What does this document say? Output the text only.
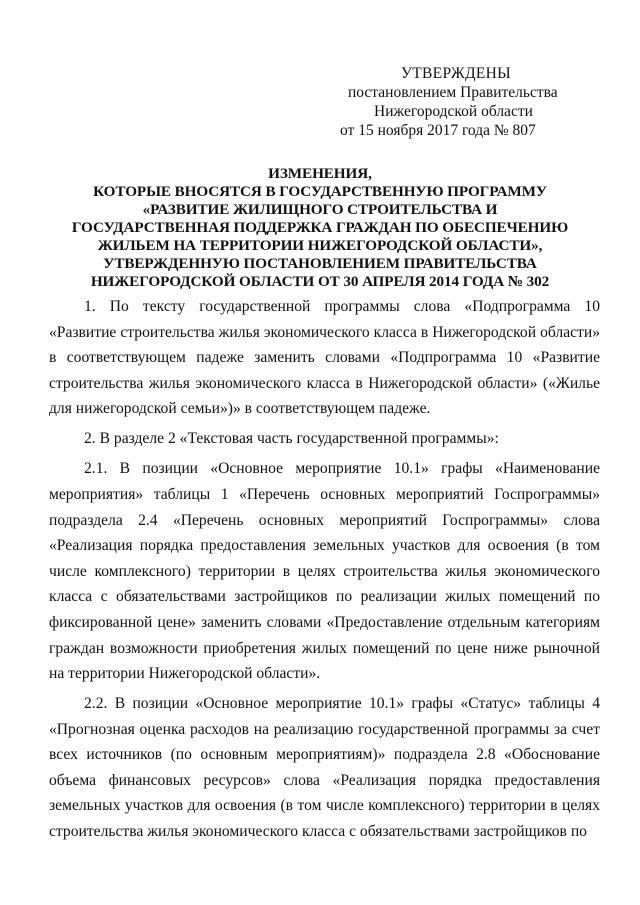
УТВЕРЖДЕНЫ
постановлением Правительства
Нижегородской области
от 15 ноября 2017 года № 807
ИЗМЕНЕНИЯ,
КОТОРЫЕ ВНОСЯТСЯ В ГОСУДАРСТВЕННУЮ ПРОГРАММУ
«РАЗВИТИЕ ЖИЛИЩНОГО СТРОИТЕЛЬСТВА И
ГОСУДАРСТВЕННАЯ ПОДДЕРЖКА ГРАЖДАН ПО ОБЕСПЕЧЕНИЮ
ЖИЛЬЕМ НА ТЕРРИТОРИИ НИЖЕГОРОДСКОЙ ОБЛАСТИ»,
УТВЕРЖДЕННУЮ ПОСТАНОВЛЕНИЕМ ПРАВИТЕЛЬСТВА
НИЖЕГОРОДСКОЙ ОБЛАСТИ ОТ 30 АПРЕЛЯ 2014 ГОДА № 302

1. По тексту государственной программы слова «Подпрограмма 10 «Развитие строительства жилья экономического класса в Нижегородской области» в соответствующем падеже заменить словами «Подпрограмма 10 «Развитие строительства жилья экономического класса в Нижегородской области» («Жилье для нижегородской семьи»)» в соответствующем падеже.

2. В разделе 2 «Текстовая часть государственной программы»:

2.1. В позиции «Основное мероприятие 10.1» графы «Наименование мероприятия» таблицы 1 «Перечень основных мероприятий Госпрограммы» подраздела 2.4 «Перечень основных мероприятий Госпрограммы» слова «Реализация порядка предоставления земельных участков для освоения (в том числе комплексного) территории в целях строительства жилья экономического класса с обязательствами застройщиков по реализации жилых помещений по фиксированной цене» заменить словами «Предоставление отдельным категориям граждан возможности приобретения жилых помещений по цене ниже рыночной на территории Нижегородской области».

2.2. В позиции «Основное мероприятие 10.1» графы «Статус» таблицы 4 «Прогнозная оценка расходов на реализацию государственной программы за счет всех источников (по основным мероприятиям)» подраздела 2.8 «Обоснование объема финансовых ресурсов» слова «Реализация порядка предоставления земельных участков для освоения (в том числе комплексного) территории в целях строительства жилья экономического класса с обязательствами застройщиков по
